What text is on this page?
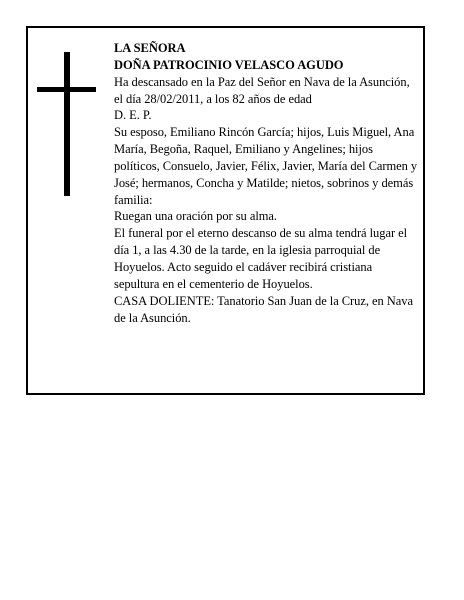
LA SEÑORA

DOÑA PATROCINIO VELASCO AGUDO

Ha descansado en la Paz del Señor en Nava de la Asunción, el día 28/02/2011, a los 82 años de edad

D. E. P.

Su esposo, Emiliano Rincón García; hijos, Luis Miguel, Ana María, Begoña, Raquel, Emiliano y Angelines; hijos políticos, Consuelo, Javier, Félix, Javier, María del Carmen y José; hermanos, Concha y Matilde; nietos, sobrinos y demás familia:

Ruegan una oración por su alma.

El funeral por el eterno descanso de su alma tendrá lugar el día 1, a las 4.30 de la tarde, en la iglesia parroquial de Hoyuelos. Acto seguido el cadáver recibirá cristiana sepultura en el cementerio de Hoyuelos.

CASA DOLIENTE: Tanatorio San Juan de la Cruz, en Nava de la Asunción.
